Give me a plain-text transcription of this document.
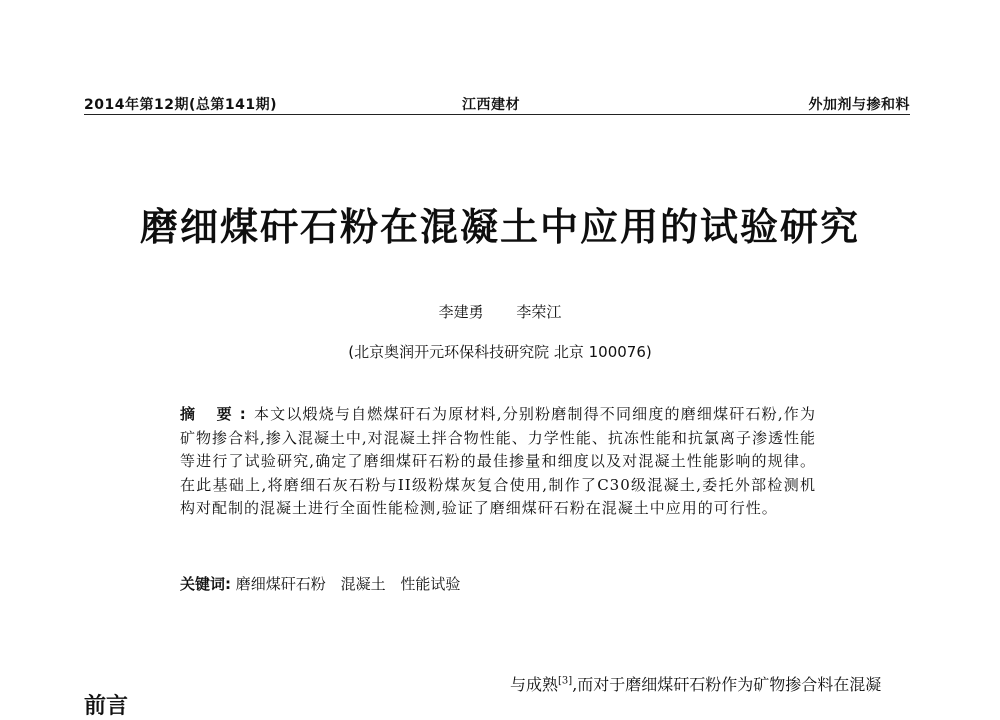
2014年第12期(总第141期)	江西建材	外加剂与掺和料
磨细煤矸石粉在混凝土中应用的试验研究
李建勇 李荣江
(北京奥润开元环保科技研究院 北京 100076)
摘 要:本文以煅烧与自燃煤矸石为原材料,分别粉磨制得不同细度的磨细煤矸石粉,作为矿物掺合料,掺入混凝土中,对混凝土拌合物性能、力学性能、抗冻性能和抗氯离子渗透性能等进行了试验研究,确定了磨细煤矸石粉的最佳掺量和细度以及对混凝土性能影响的规律。在此基础上,将磨细石灰石粉与II级粉煤灰复合使用,制作了C30级混凝土,委托外部检测机构对配制的混凝土进行全面性能检测,验证了磨细煤矸石粉在混凝土中应用的可行性。
关键词: 磨细煤矸石粉 混凝土 性能试验
与成熟[3],而对于磨细煤矸石粉作为矿物掺合料在混凝
前言
